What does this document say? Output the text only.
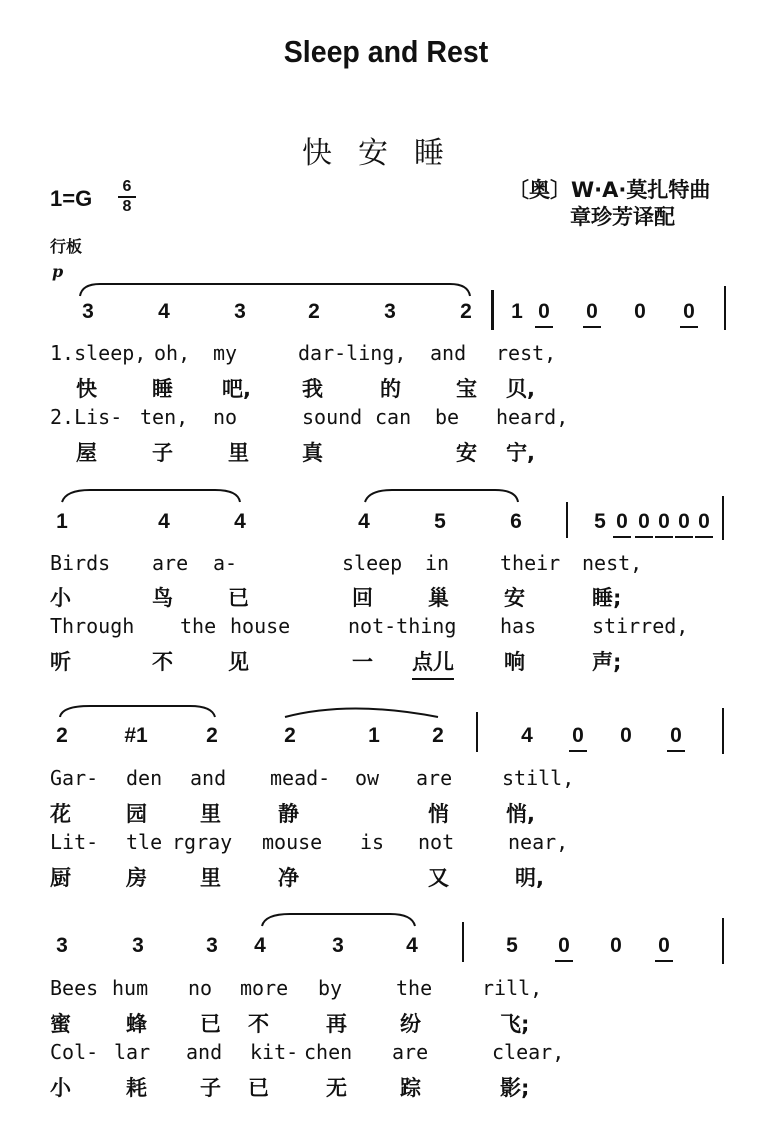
Sleep and Rest
快安睡
〔奥〕W·A·莫扎特曲
章珍芳译配
1=G 6
8
行板
p
3	4	3	2	3	2 1 0 0 0 0
1.sleep, oh, my	dar-ling, and rest,
快	睡 吧, 我	的	宝 贝,
2.Lis- ten, no	sound can be heard,
屋	子	里	真	安 宁,
1	4	4	4	5	6	5 0 0 0 0 0
Birds are a-	sleep in	their nest,
小	鸟	已	回	巢	安	睡;
Through the house	not-thing has	stirred,
听	不	见	一 点儿 响	声;
2	#1	2	2	1 2	4 0 0 0
Gar- den and mead- ow are still,
花	园	里	静	悄	悄,
Lit- tle rgray mouse is not	near,
厨	房	里	净	又	明,
3	3	3 4	3	4	5 0 0 0
Bees hum no more by	the rill,
蜜	蜂	已 不	再	纷	飞;
Col- lar and kit- chen are	clear,
小	耗	子 已	无	踪	影;
